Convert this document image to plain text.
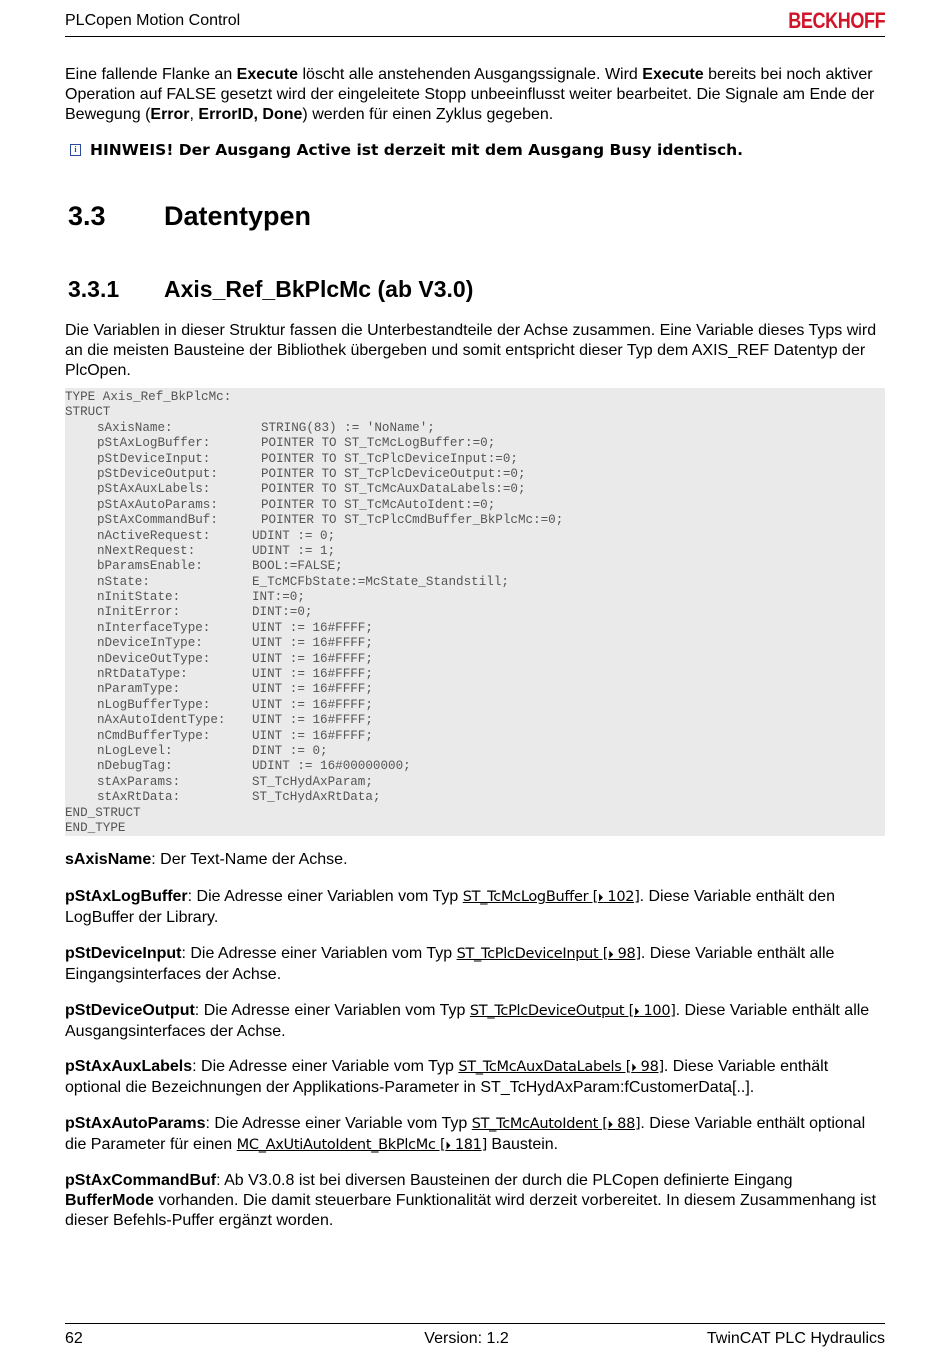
PLCopen Motion Control	BECKHOFF

Eine fallende Flanke an Execute löscht alle anstehenden Ausgangssignale. Wird Execute bereits bei noch aktiver Operation auf FALSE gesetzt wird der eingeleitete Stopp unbeeinflusst weiter bearbeitet. Die Signale am Ende der Bewegung (Error, ErrorID, Done) werden für einen Zyklus gegeben.

i HINWEIS! Der Ausgang Active ist derzeit mit dem Ausgang Busy identisch.
3.3 Datentypen
3.3.1 Axis_Ref_BkPlcMc (ab V3.0)

Die Variablen in dieser Struktur fassen die Unterbestandteile der Achse zusammen. Eine Variable dieses Typs wird an die meisten Bausteine der Bibliothek übergeben und somit entspricht dieser Typ dem AXIS_REF Datentyp der PlcOpen.

TYPE Axis_Ref_BkPlcMc:
STRUCT
sAxisName:	STRING(83) := 'NoName';
pStAxLogBuffer:	POINTER TO ST_TcMcLogBuffer:=0;
pStDeviceInput:	POINTER TO ST_TcPlcDeviceInput:=0;
pStDeviceOutput:	POINTER TO ST_TcPlcDeviceOutput:=0;
pStAxAuxLabels:	POINTER TO ST_TcMcAuxDataLabels:=0;
pStAxAutoParams:	POINTER TO ST_TcMcAutoIdent:=0;
pStAxCommandBuf:	POINTER TO ST_TcPlcCmdBuffer_BkPlcMc:=0;
nActiveRequest:	UDINT := 0;
nNextRequest:	UDINT := 1;
bParamsEnable:	BOOL:=FALSE;
nState:	E_TcMCFbState:=McState_Standstill;
nInitState:	INT:=0;
nInitError:	DINT:=0;
nInterfaceType:	UINT := 16#FFFF;
nDeviceInType:	UINT := 16#FFFF;
nDeviceOutType:	UINT := 16#FFFF;
nRtDataType:	UINT := 16#FFFF;
nParamType:	UINT := 16#FFFF;
nLogBufferType:	UINT := 16#FFFF;
nAxAutoIdentType: UINT := 16#FFFF;
nCmdBufferType:	UINT := 16#FFFF;
nLogLevel:	DINT := 0;
nDebugTag:	UDINT := 16#00000000;
stAxParams:	ST_TcHydAxParam;
stAxRtData:	ST_TcHydAxRtData;
END_STRUCT
END_TYPE

sAxisName: Der Text-Name der Achse.

pStAxLogBuffer: Die Adresse einer Variablen vom Typ ST_TcMcLogBuffer [⏵ 102]. Diese Variable enthält den LogBuffer der Library.

pStDeviceInput: Die Adresse einer Variablen vom Typ ST_TcPlcDeviceInput [⏵ 98]. Diese Variable enthält alle Eingangsinterfaces der Achse.

pStDeviceOutput: Die Adresse einer Variablen vom Typ ST_TcPlcDeviceOutput [⏵ 100]. Diese Variable enthält alle Ausgangsinterfaces der Achse.

pStAxAuxLabels: Die Adresse einer Variable vom Typ ST_TcMcAuxDataLabels [⏵ 98]. Diese Variable enthält optional die Bezeichnungen der Applikations-Parameter in ST_TcHydAxParam:fCustomerData[..].

pStAxAutoParams: Die Adresse einer Variable vom Typ ST_TcMcAutoIdent [⏵ 88]. Diese Variable enthält optional die Parameter für einen MC_AxUtiAutoIdent_BkPlcMc [⏵ 181] Baustein.

pStAxCommandBuf: Ab V3.0.8 ist bei diversen Bausteinen der durch die PLCopen definierte Eingang BufferMode vorhanden. Die damit steuerbare Funktionalität wird derzeit vorbereitet. In diesem Zusammenhang ist dieser Befehls-Puffer ergänzt worden.

62	Version: 1.2	TwinCAT PLC Hydraulics
